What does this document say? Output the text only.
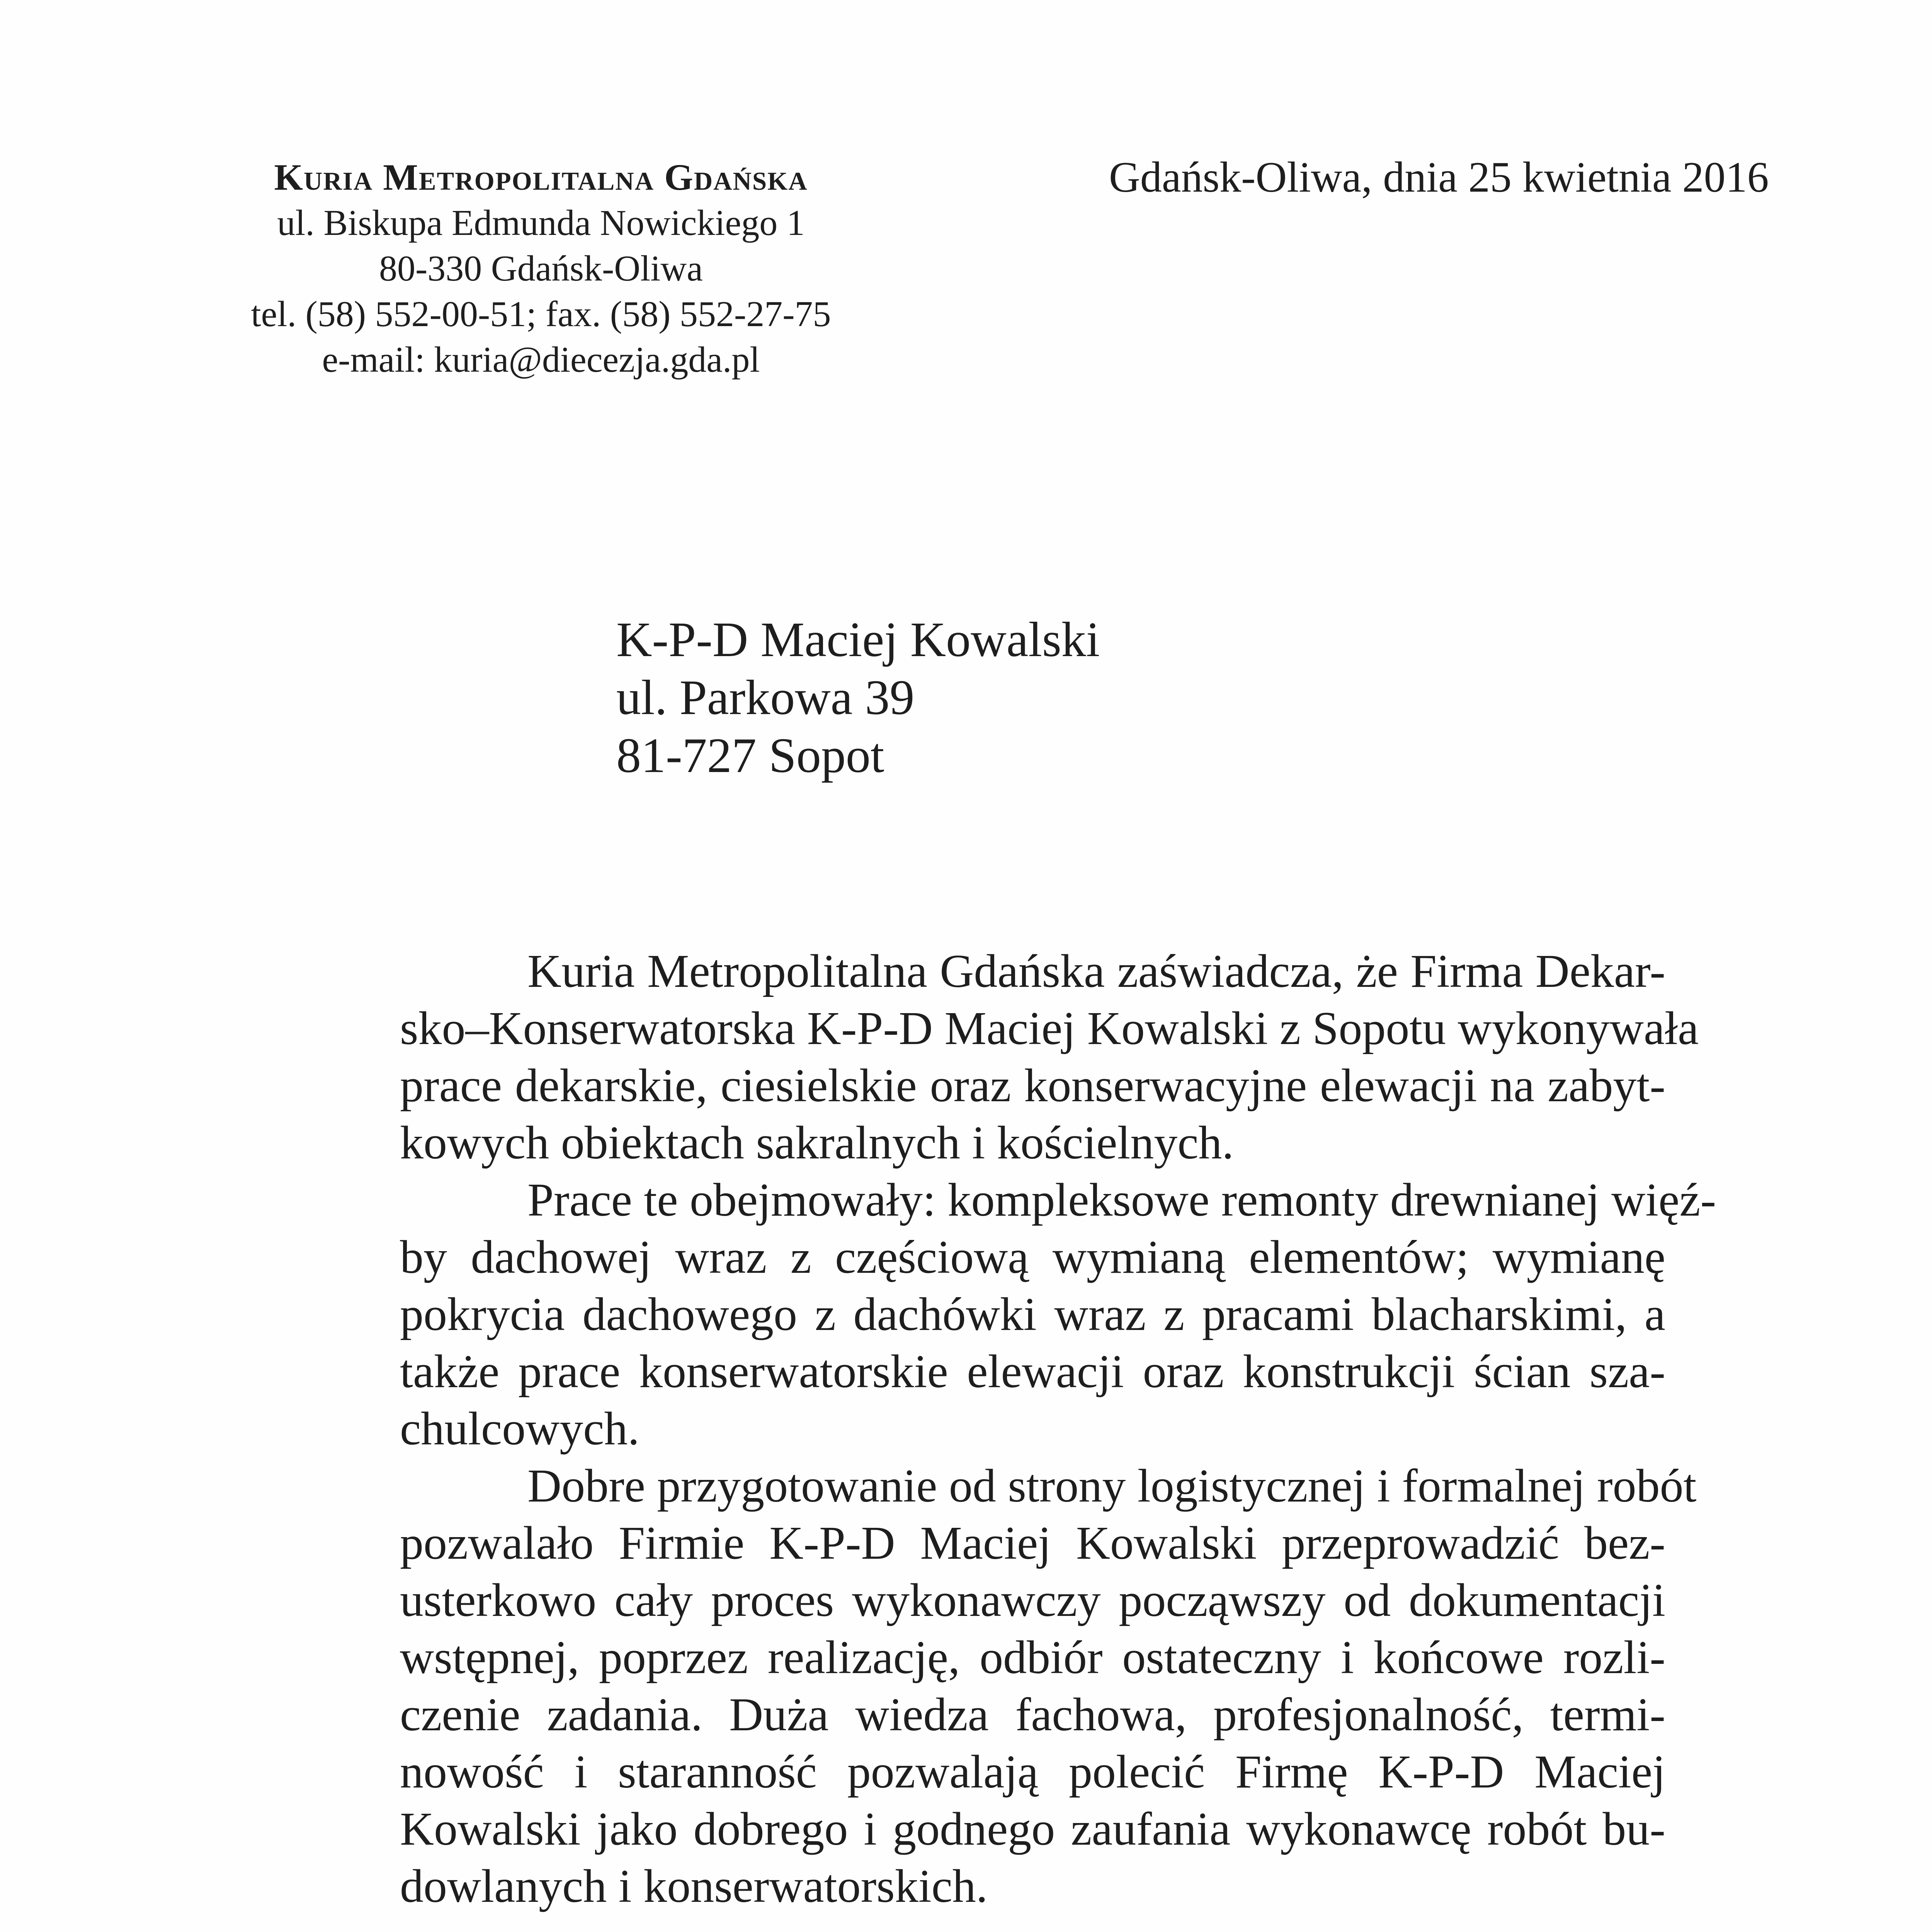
Kuria Metropolitalna Gdańska
ul. Biskupa Edmunda Nowickiego 1
80-330 Gdańsk-Oliwa
tel. (58) 552-00-51; fax. (58) 552-27-75
e-mail: kuria@diecezja.gda.pl
Gdańsk-Oliwa, dnia 25 kwietnia 2016
K-P-D Maciej Kowalski
ul. Parkowa 39
81-727 Sopot

Kuria Metropolitalna Gdańska zaświadcza, że Firma Dekar-
sko–Konserwatorska K-P-D Maciej Kowalski z Sopotu wykonywała
prace dekarskie, ciesielskie oraz konserwacyjne elewacji na zabyt-
kowych obiektach sakralnych i kościelnych.

Prace te obejmowały: kompleksowe remonty drewnianej więź-
by dachowej wraz z częściową wymianą elementów; wymianę
pokrycia dachowego z dachówki wraz z pracami blacharskimi, a
także prace konserwatorskie elewacji oraz konstrukcji ścian sza-
chulcowych.

Dobre przygotowanie od strony logistycznej i formalnej robót
pozwalało Firmie K-P-D Maciej Kowalski przeprowadzić bez-
usterkowo cały proces wykonawczy począwszy od dokumentacji
wstępnej, poprzez realizację, odbiór ostateczny i końcowe rozli-
czenie zadania. Duża wiedza fachowa, profesjonalność, termi-
nowość i staranność pozwalają polecić Firmę K-P-D Maciej
Kowalski jako dobrego i godnego zaufania wykonawcę robót bu-
dowlanych i konserwatorskich.
